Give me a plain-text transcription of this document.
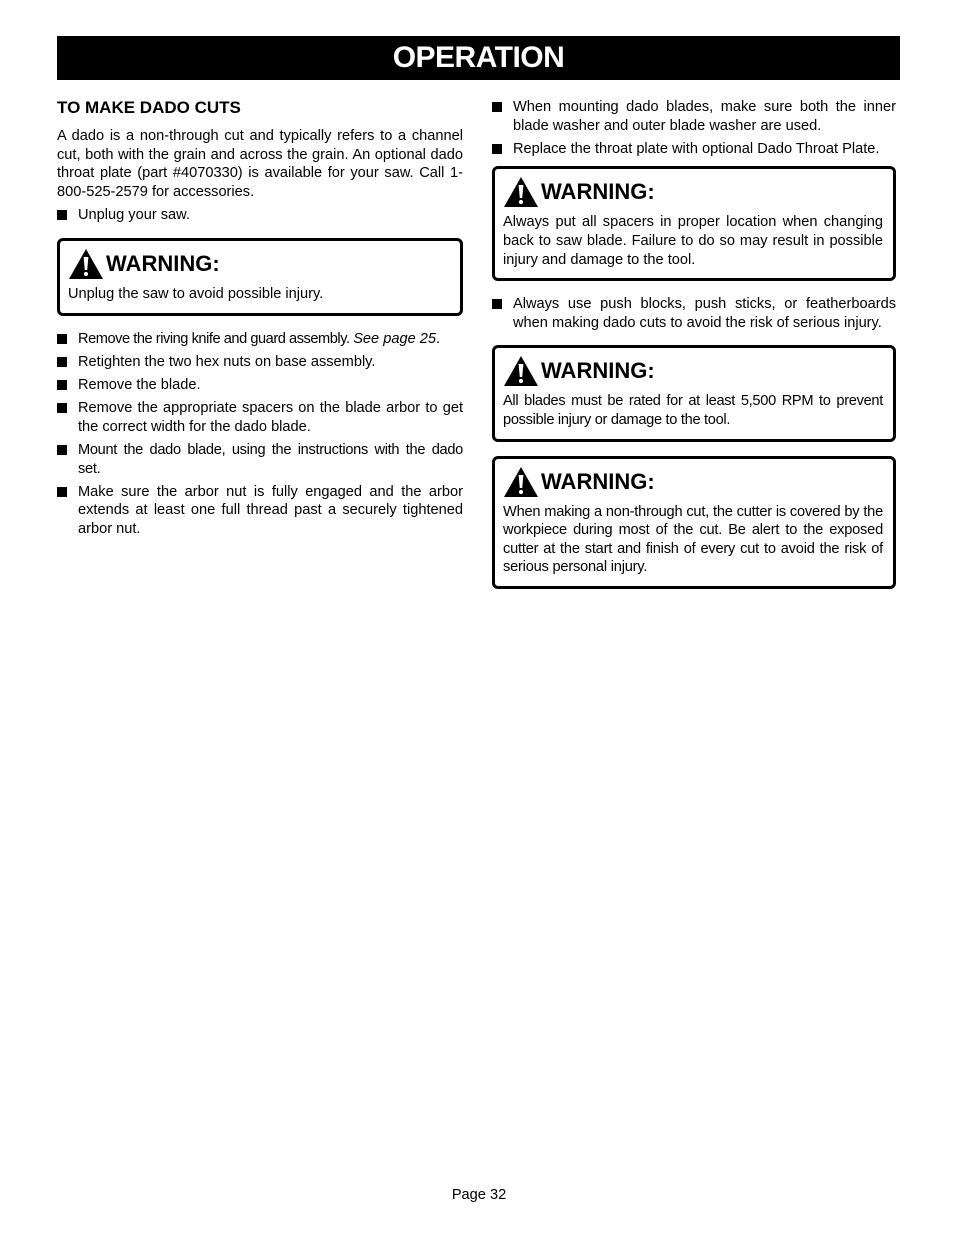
OPERATION
TO MAKE DADO CUTS

A dado is a non-through cut and typically refers to a channel cut, both with the grain and across the grain. An optional dado throat plate (part #4070330) is available for your saw. Call 1-800-525-2579 for accessories.

Unplug your saw.
WARNING:

Unplug the saw to avoid possible injury.

Remove the riving knife and guard assembly. See page 25.
Retighten the two hex nuts on base assembly.
Remove the blade.
Remove the appropriate spacers on the blade arbor to get the correct width for the dado blade.
Mount the dado blade, using the instructions with the dado set.
Make sure the arbor nut is fully engaged and the arbor extends at least one full thread past a securely tightened arbor nut.
When mounting dado blades, make sure both the inner blade washer and outer blade washer are used.
Replace the throat plate with optional Dado Throat Plate.
WARNING:

Always put all spacers in proper location when changing back to saw blade. Failure to do so may result in possible injury and damage to the tool.

Always use push blocks, push sticks, or featherboards when making dado cuts to avoid the risk of serious injury.
WARNING:

All blades must be rated for at least 5,500 RPM to prevent possible injury or damage to the tool.

WARNING:

When making a non-through cut, the cutter is covered by the workpiece during most of the cut. Be alert to the exposed cutter at the start and finish of every cut to avoid the risk of serious personal injury.

Page 32
